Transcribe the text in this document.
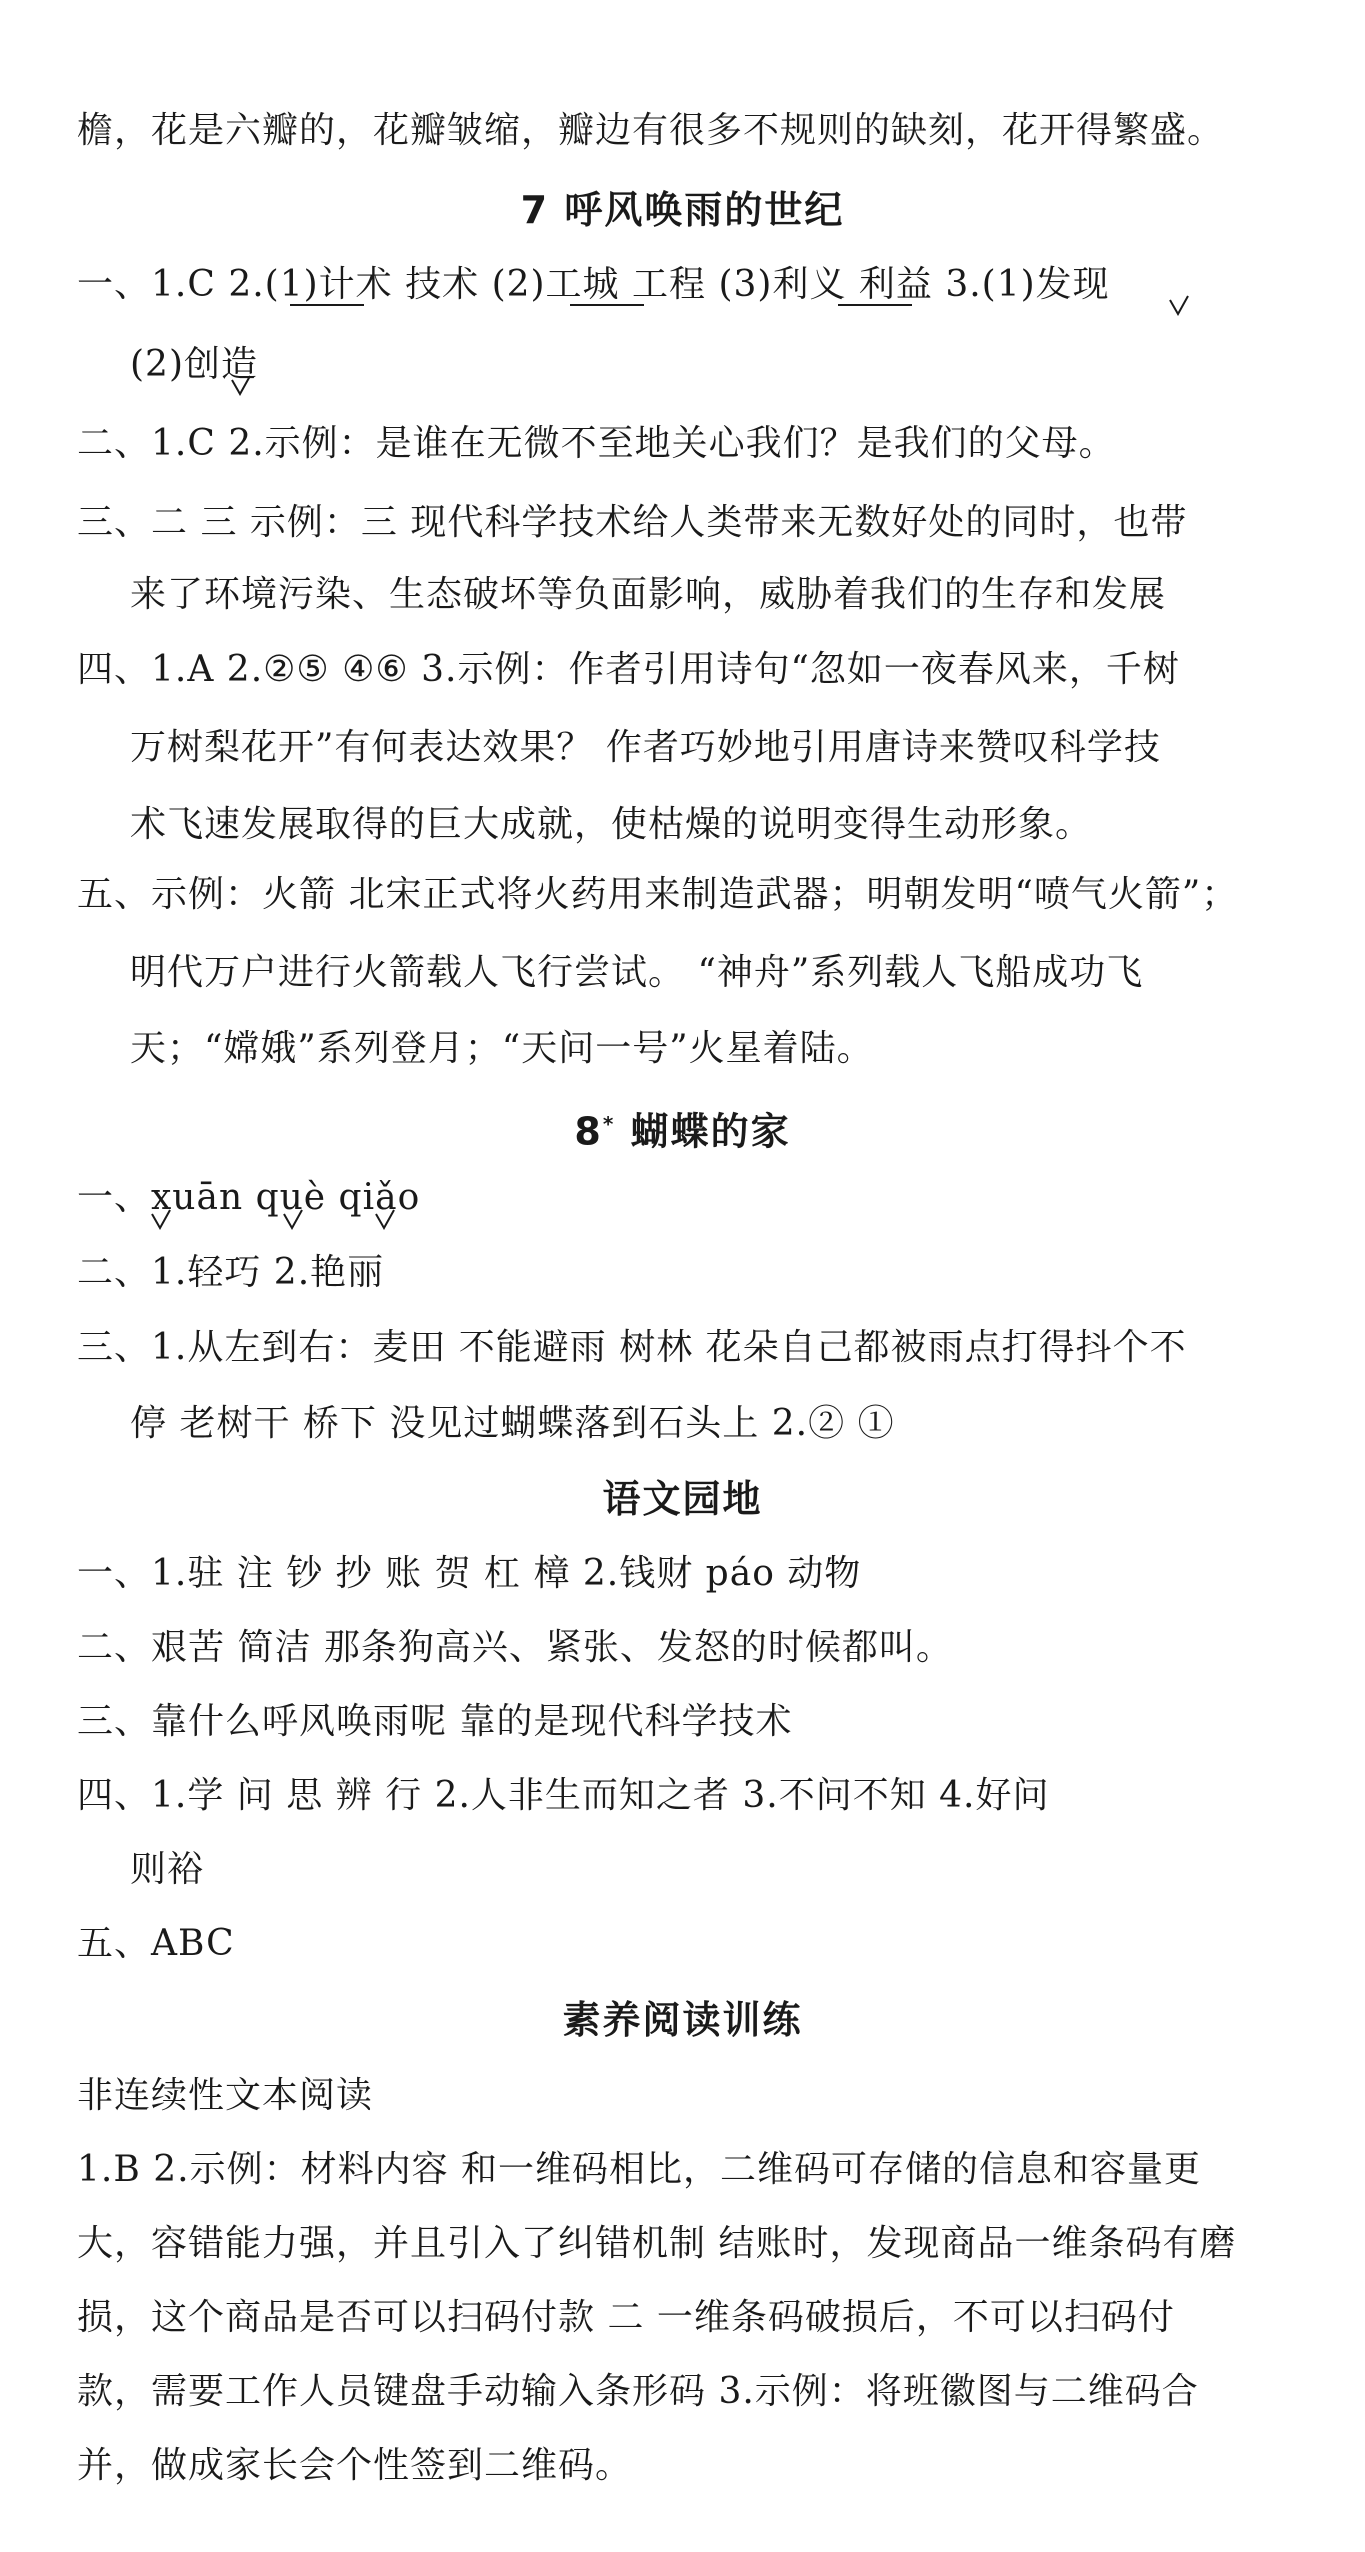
檐，花是六瓣的，花瓣皱缩，瓣边有很多不规则的缺刻，花开得繁盛。
7 呼风唤雨的世纪
一、1.C 2.(1)计术 技术 (2)工城 工程 (3)利义 利益 3.(1)发现
(2)创造
二、1.C 2.示例：是谁在无微不至地关心我们？是我们的父母。
三、二 三 示例：三 现代科学技术给人类带来无数好处的同时，也带
来了环境污染、生态破坏等负面影响，威胁着我们的生存和发展
四、1.A 2.②⑤ ④⑥ 3.示例：作者引用诗句“忽如一夜春风来，千树
万树梨花开”有何表达效果？ 作者巧妙地引用唐诗来赞叹科学技
术飞速发展取得的巨大成就，使枯燥的说明变得生动形象。
五、示例：火箭 北宋正式将火药用来制造武器；明朝发明“喷气火箭”；
明代万户进行火箭载人飞行尝试。 “神舟”系列载人飞船成功飞
天；“嫦娥”系列登月；“天问一号”火星着陆。
8* 蝴蝶的家
一、xuān què qiǎo
二、1.轻巧 2.艳丽
三、1.从左到右：麦田 不能避雨 树林 花朵自己都被雨点打得抖个不
停 老树干 桥下 没见过蝴蝶落到石头上 2.② ①
语文园地
一、1.驻 注 钞 抄 账 贺 杠 樟 2.钱财 páo 动物
二、艰苦 简洁 那条狗高兴、紧张、发怒的时候都叫。
三、靠什么呼风唤雨呢 靠的是现代科学技术
四、1.学 问 思 辨 行 2.人非生而知之者 3.不问不知 4.好问
则裕
五、ABC
素养阅读训练
非连续性文本阅读
1.B 2.示例：材料内容 和一维码相比，二维码可存储的信息和容量更
大，容错能力强，并且引入了纠错机制 结账时，发现商品一维条码有磨
损，这个商品是否可以扫码付款 二 一维条码破损后，不可以扫码付
款，需要工作人员键盘手动输入条形码 3.示例：将班徽图与二维码合
并，做成家长会个性签到二维码。
